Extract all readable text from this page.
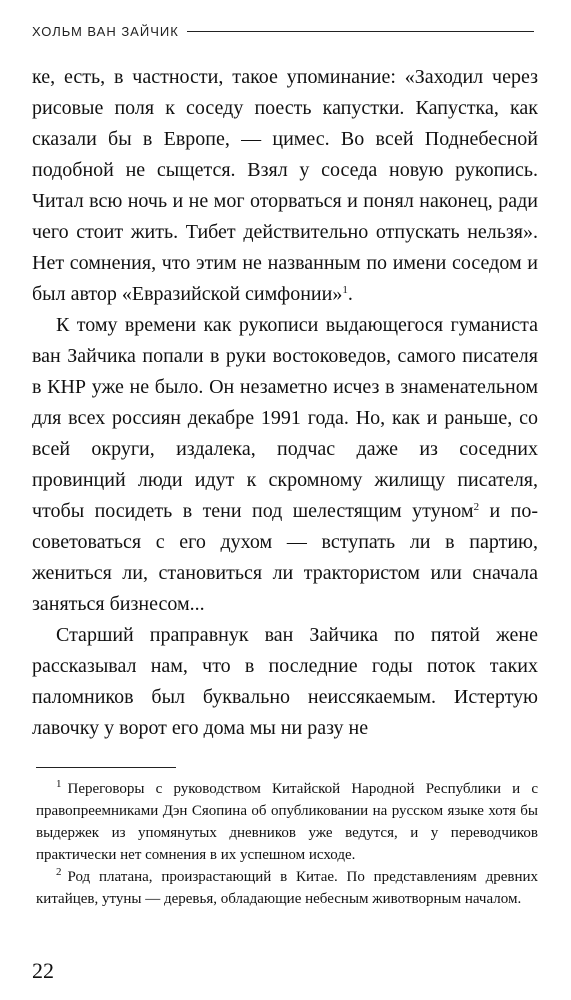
ХОЛЬМ ВАН ЗАЙЧИК

ке, есть, в частности, такое упоминание: «Заходил через рисовые поля к соседу поесть капустки. Капустка, как сказали бы в Европе, — цимес. Во всей Поднебесной подобной не сыщется. Взял у соседа новую рукопись. Читал всю ночь и не мог оторваться и понял наконец, ради чего стоит жить. Тибет действительно отпускать нельзя». Нет сомнения, что этим не названным по имени соседом и был автор «Евразийской симфонии»$^1$.

К тому времени как рукописи выдающегося гуманиста ван Зайчика попали в руки востоковедов, самого писателя в КНР уже не было. Он незаметно исчез в знаменательном для всех россиян декабре 1991 года. Но, как и раньше, со всей округи, издалека, подчас даже из соседних провинций люди идут к скромному жилищу писателя, чтобы посидеть в тени под шелестящим утуном$^2$ и посоветоваться с его духом — вступать ли в партию, жениться ли, становиться ли трактористом или сначала заняться бизнесом...

Старший праправнук ван Зайчика по пятой жене рассказывал нам, что в последние годы поток таких паломников был буквально неиссякаемым. Истертую лавочку у ворот его дома мы ни разу не

$^1$ Переговоры с руководством Китайской Народной Республики и с правопреемниками Дэн Сяопина об опубликовании на русском языке хотя бы выдержек из упомянутых дневников уже ведутся, и у переводчиков практически нет сомнения в их успешном исходе.

$^2$ Род платана, произрастающий в Китае. По представлениям древних китайцев, утуны — деревья, обладающие небесным животворным началом.

22
